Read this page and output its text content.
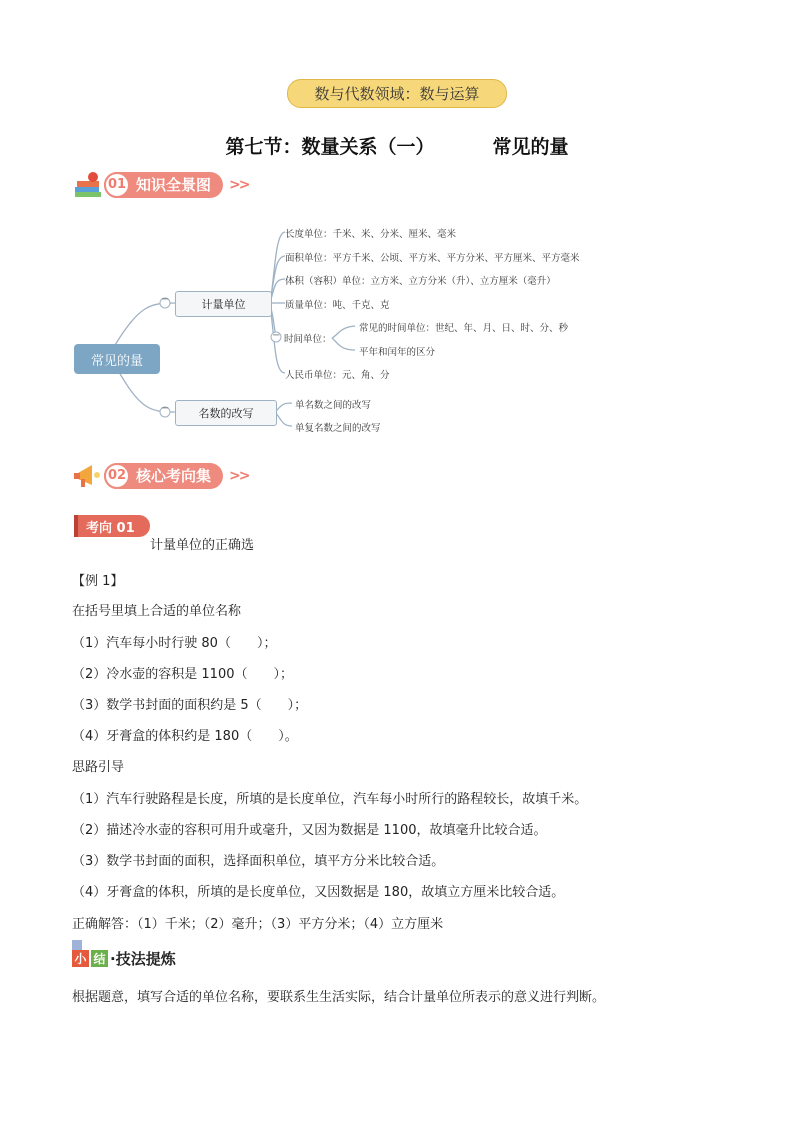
数与代数领域：数与运算
第七节：数量关系（一）	常见的量
01 知识全景图 >>
−
−
−
常见的量
计量单位
名数的改写
长度单位：千米、米、分米、厘米、毫米
面积单位：平方千米、公顷、平方米、平方分米、平方厘米、平方毫米
体积（容积）单位：立方米、立方分米（升）、立方厘米（毫升）
质量单位：吨、千克、克
时间单位：
人民币单位：元、角、分
常见的时间单位：世纪、年、月、日、时、分、秒
平年和闰年的区分
单名数之间的改写
单复名数之间的改写
02 核心考向集 >>
考向 01
计量单位的正确选
【例 1】
在括号里填上合适的单位名称
（1）汽车每小时行驶 80（　　）；
（2）冷水壶的容积是 1100（　　）；
（3）数学书封面的面积约是 5（　　）；
（4）牙膏盒的体积约是 180（　　）。
思路引导
（1）汽车行驶路程是长度，所填的是长度单位，汽车每小时所行的路程较长，故填千米。
（2）描述冷水壶的容积可用升或毫升，又因为数据是 1100，故填毫升比较合适。
（3）数学书封面的面积，选择面积单位，填平方分米比较合适。
（4）牙膏盒的体积，所填的是长度单位，又因数据是 180，故填立方厘米比较合适。
正确解答：（1）千米；（2）毫升；（3）平方分米；（4）立方厘米
小 结 ·技法提炼
根据题意，填写合适的单位名称，要联系生生活实际，结合计量单位所表示的意义进行判断。
